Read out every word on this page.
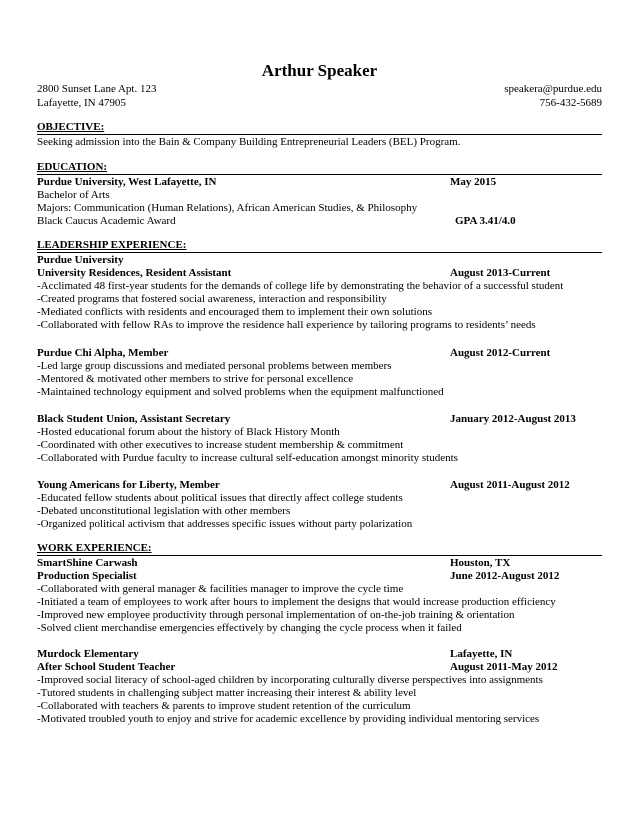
Arthur Speaker
2800 Sunset Lane Apt. 123	speakera@purdue.edu
Lafayette, IN 47905	756-432-5689
OBJECTIVE:
Seeking admission into the Bain & Company Building Entrepreneurial Leaders (BEL) Program.
EDUCATION:
Purdue University, West Lafayette, IN	May 2015
Bachelor of Arts
Majors: Communication (Human Relations), African American Studies, & Philosophy
Black Caucus Academic Award	GPA 3.41/4.0
LEADERSHIP EXPERIENCE:
Purdue University
University Residences, Resident Assistant	August 2013-Current
-Acclimated 48 first-year students for the demands of college life by demonstrating the behavior of a successful student
-Created programs that fostered social awareness, interaction and responsibility
-Mediated conflicts with residents and encouraged them to implement their own solutions
-Collaborated with fellow RAs to improve the residence hall experience by tailoring programs to residents’ needs
Purdue Chi Alpha, Member	August 2012-Current
-Led large group discussions and mediated personal problems between members
-Mentored & motivated other members to strive for personal excellence
-Maintained technology equipment and solved problems when the equipment malfunctioned
Black Student Union, Assistant Secretary	January 2012-August 2013
-Hosted educational forum about the history of Black History Month
-Coordinated with other executives to increase student membership & commitment
-Collaborated with Purdue faculty to increase cultural self-education amongst minority students
Young Americans for Liberty, Member	August 2011-August 2012
-Educated fellow students about political issues that directly affect college students
-Debated unconstitutional legislation with other members
-Organized political activism that addresses specific issues without party polarization
WORK EXPERIENCE:
SmartShine Carwash	Houston, TX
Production Specialist	June 2012-August 2012
-Collaborated with general manager & facilities manager to improve the cycle time
-Initiated a team of employees to work after hours to implement the designs that would increase production efficiency
-Improved new employee productivity through personal implementation of on-the-job training & orientation
-Solved client merchandise emergencies effectively by changing the cycle process when it failed
Murdock Elementary	Lafayette, IN
After School Student Teacher	August 2011-May 2012
-Improved social literacy of school-aged children by incorporating culturally diverse perspectives into assignments
-Tutored students in challenging subject matter increasing their interest & ability level
-Collaborated with teachers & parents to improve student retention of the curriculum
-Motivated troubled youth to enjoy and strive for academic excellence by providing individual mentoring services
